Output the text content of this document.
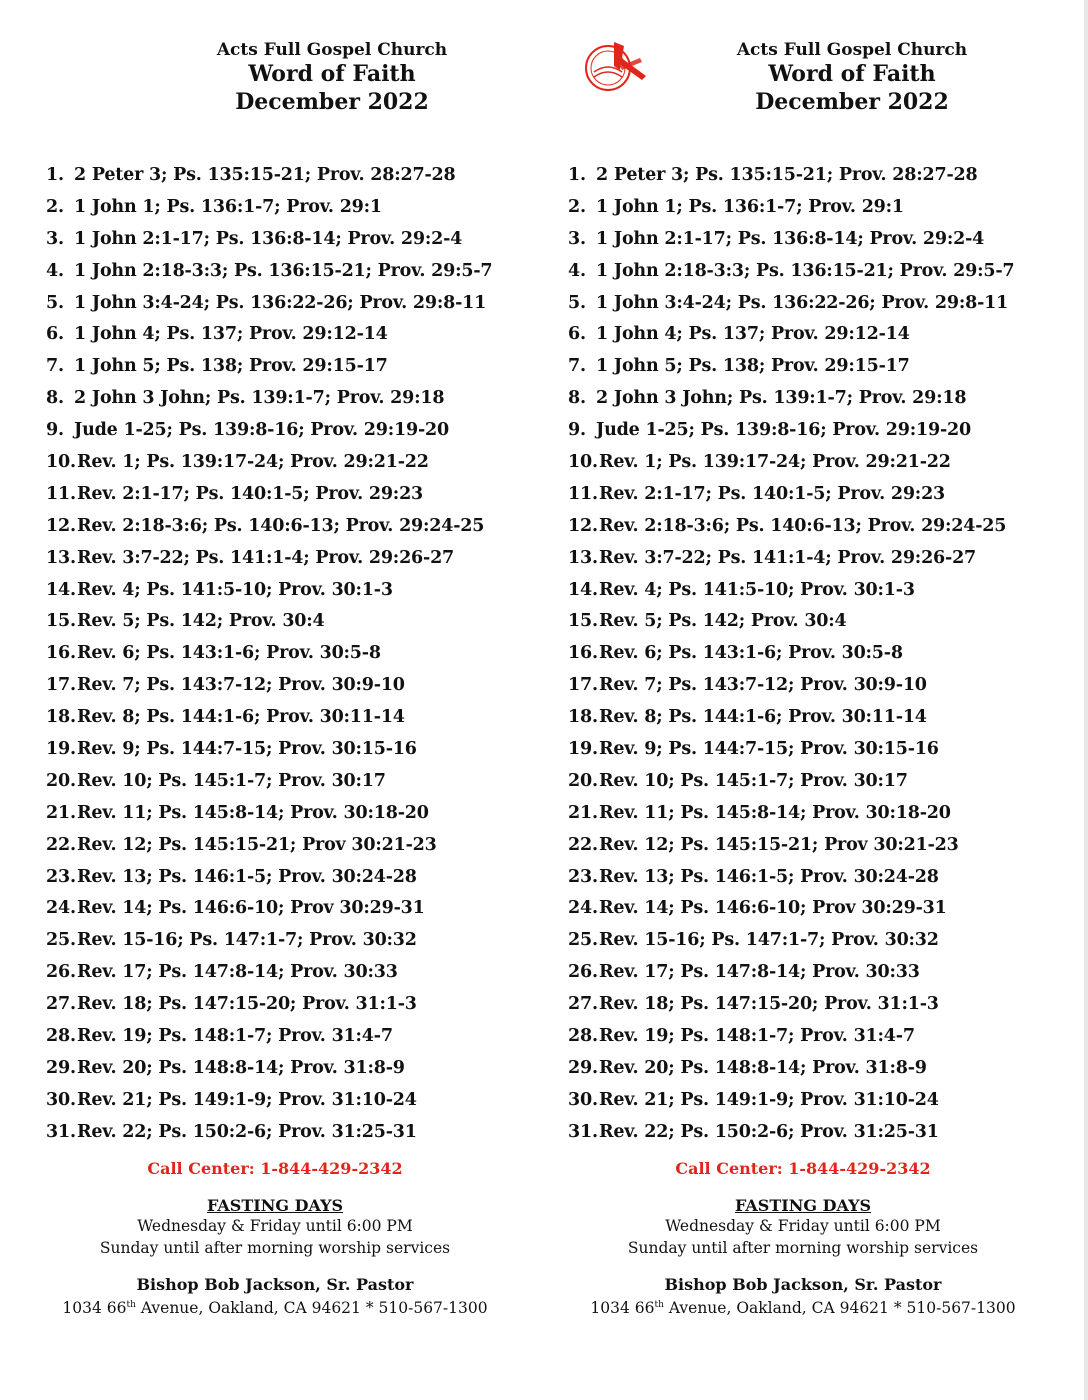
Acts Full Gospel Church
Word of Faith
December 2022
1. 2 Peter 3; Ps. 135:15-21; Prov. 28:27-28
2. 1 John 1; Ps. 136:1-7; Prov. 29:1
3. 1 John 2:1-17; Ps. 136:8-14; Prov. 29:2-4
4. 1 John 2:18-3:3; Ps. 136:15-21; Prov. 29:5-7
5. 1 John 3:4-24; Ps. 136:22-26; Prov. 29:8-11
6. 1 John 4; Ps. 137; Prov. 29:12-14
7. 1 John 5; Ps. 138; Prov. 29:15-17
8. 2 John 3 John; Ps. 139:1-7; Prov. 29:18
9. Jude 1-25; Ps. 139:8-16; Prov. 29:19-20
10.Rev. 1; Ps. 139:17-24; Prov. 29:21-22
11.Rev. 2:1-17; Ps. 140:1-5; Prov. 29:23
12.Rev. 2:18-3:6; Ps. 140:6-13; Prov. 29:24-25
13.Rev. 3:7-22; Ps. 141:1-4; Prov. 29:26-27
14.Rev. 4; Ps. 141:5-10; Prov. 30:1-3
15.Rev. 5; Ps. 142; Prov. 30:4
16.Rev. 6; Ps. 143:1-6; Prov. 30:5-8
17.Rev. 7; Ps. 143:7-12; Prov. 30:9-10
18.Rev. 8; Ps. 144:1-6; Prov. 30:11-14
19.Rev. 9; Ps. 144:7-15; Prov. 30:15-16
20.Rev. 10; Ps. 145:1-7; Prov. 30:17
21.Rev. 11; Ps. 145:8-14; Prov. 30:18-20
22.Rev. 12; Ps. 145:15-21; Prov 30:21-23
23.Rev. 13; Ps. 146:1-5; Prov. 30:24-28
24.Rev. 14; Ps. 146:6-10; Prov 30:29-31
25.Rev. 15-16; Ps. 147:1-7; Prov. 30:32
26.Rev. 17; Ps. 147:8-14; Prov. 30:33
27.Rev. 18; Ps. 147:15-20; Prov. 31:1-3
28.Rev. 19; Ps. 148:1-7; Prov. 31:4-7
29.Rev. 20; Ps. 148:8-14; Prov. 31:8-9
30.Rev. 21; Ps. 149:1-9; Prov. 31:10-24
31.Rev. 22; Ps. 150:2-6; Prov. 31:25-31
Call Center: 1-844-429-2342
FASTING DAYS
Wednesday & Friday until 6:00 PM
Sunday until after morning worship services
Bishop Bob Jackson, Sr. Pastor
1034 66th Avenue, Oakland, CA 94621 * 510-567-1300
Acts Full Gospel Church
Word of Faith
December 2022
1. 2 Peter 3; Ps. 135:15-21; Prov. 28:27-28
2. 1 John 1; Ps. 136:1-7; Prov. 29:1
3. 1 John 2:1-17; Ps. 136:8-14; Prov. 29:2-4
4. 1 John 2:18-3:3; Ps. 136:15-21; Prov. 29:5-7
5. 1 John 3:4-24; Ps. 136:22-26; Prov. 29:8-11
6. 1 John 4; Ps. 137; Prov. 29:12-14
7. 1 John 5; Ps. 138; Prov. 29:15-17
8. 2 John 3 John; Ps. 139:1-7; Prov. 29:18
9. Jude 1-25; Ps. 139:8-16; Prov. 29:19-20
10.Rev. 1; Ps. 139:17-24; Prov. 29:21-22
11.Rev. 2:1-17; Ps. 140:1-5; Prov. 29:23
12.Rev. 2:18-3:6; Ps. 140:6-13; Prov. 29:24-25
13.Rev. 3:7-22; Ps. 141:1-4; Prov. 29:26-27
14.Rev. 4; Ps. 141:5-10; Prov. 30:1-3
15.Rev. 5; Ps. 142; Prov. 30:4
16.Rev. 6; Ps. 143:1-6; Prov. 30:5-8
17.Rev. 7; Ps. 143:7-12; Prov. 30:9-10
18.Rev. 8; Ps. 144:1-6; Prov. 30:11-14
19.Rev. 9; Ps. 144:7-15; Prov. 30:15-16
20.Rev. 10; Ps. 145:1-7; Prov. 30:17
21.Rev. 11; Ps. 145:8-14; Prov. 30:18-20
22.Rev. 12; Ps. 145:15-21; Prov 30:21-23
23.Rev. 13; Ps. 146:1-5; Prov. 30:24-28
24.Rev. 14; Ps. 146:6-10; Prov 30:29-31
25.Rev. 15-16; Ps. 147:1-7; Prov. 30:32
26.Rev. 17; Ps. 147:8-14; Prov. 30:33
27.Rev. 18; Ps. 147:15-20; Prov. 31:1-3
28.Rev. 19; Ps. 148:1-7; Prov. 31:4-7
29.Rev. 20; Ps. 148:8-14; Prov. 31:8-9
30.Rev. 21; Ps. 149:1-9; Prov. 31:10-24
31.Rev. 22; Ps. 150:2-6; Prov. 31:25-31
Call Center: 1-844-429-2342
FASTING DAYS
Wednesday & Friday until 6:00 PM
Sunday until after morning worship services
Bishop Bob Jackson, Sr. Pastor
1034 66th Avenue, Oakland, CA 94621 * 510-567-1300
